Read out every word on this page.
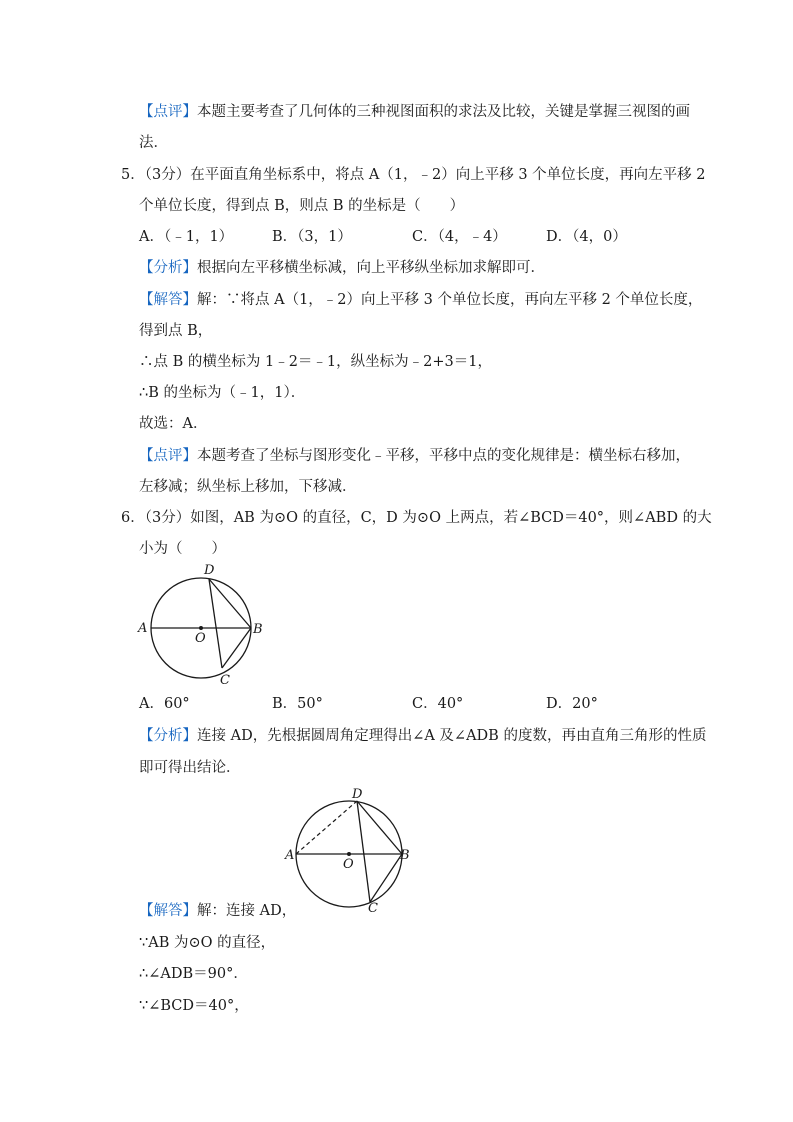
【点评】本题主要考查了几何体的三种视图面积的求法及比较，关键是掌握三视图的画
法．
5．（3分）在平面直角坐标系中，将点 A（1，﹣2）向上平移 3 个单位长度，再向左平移 2
个单位长度，得到点 B，则点 B 的坐标是（　　）
A．（﹣1，1）	B．（3，1）	C．（4，﹣4）	D．（4，0）
【分析】根据向左平移横坐标减，向上平移纵坐标加求解即可．
【解答】解：∵将点 A（1，﹣2）向上平移 3 个单位长度，再向左平移 2 个单位长度，
得到点 B，
∴点 B 的横坐标为 1﹣2＝﹣1，纵坐标为﹣2+3＝1，
∴B 的坐标为（﹣1，1）．
故选：A．
【点评】本题考查了坐标与图形变化﹣平移，平移中点的变化规律是：横坐标右移加，
左移减；纵坐标上移加，下移减．
6．（3分）如图，AB 为⊙O 的直径，C，D 为⊙O 上两点，若∠BCD＝40°，则∠ABD 的大
小为（　　）
A	B
C
D
O
A．60°	B．50°	C．40°	D．20°
【分析】连接 AD，先根据圆周角定理得出∠A 及∠ADB 的度数，再由直角三角形的性质
即可得出结论．
A	B
C
D
O
【解答】解：连接 AD，
∵AB 为⊙O 的直径，
∴∠ADB＝90°．
∵∠BCD＝40°，
